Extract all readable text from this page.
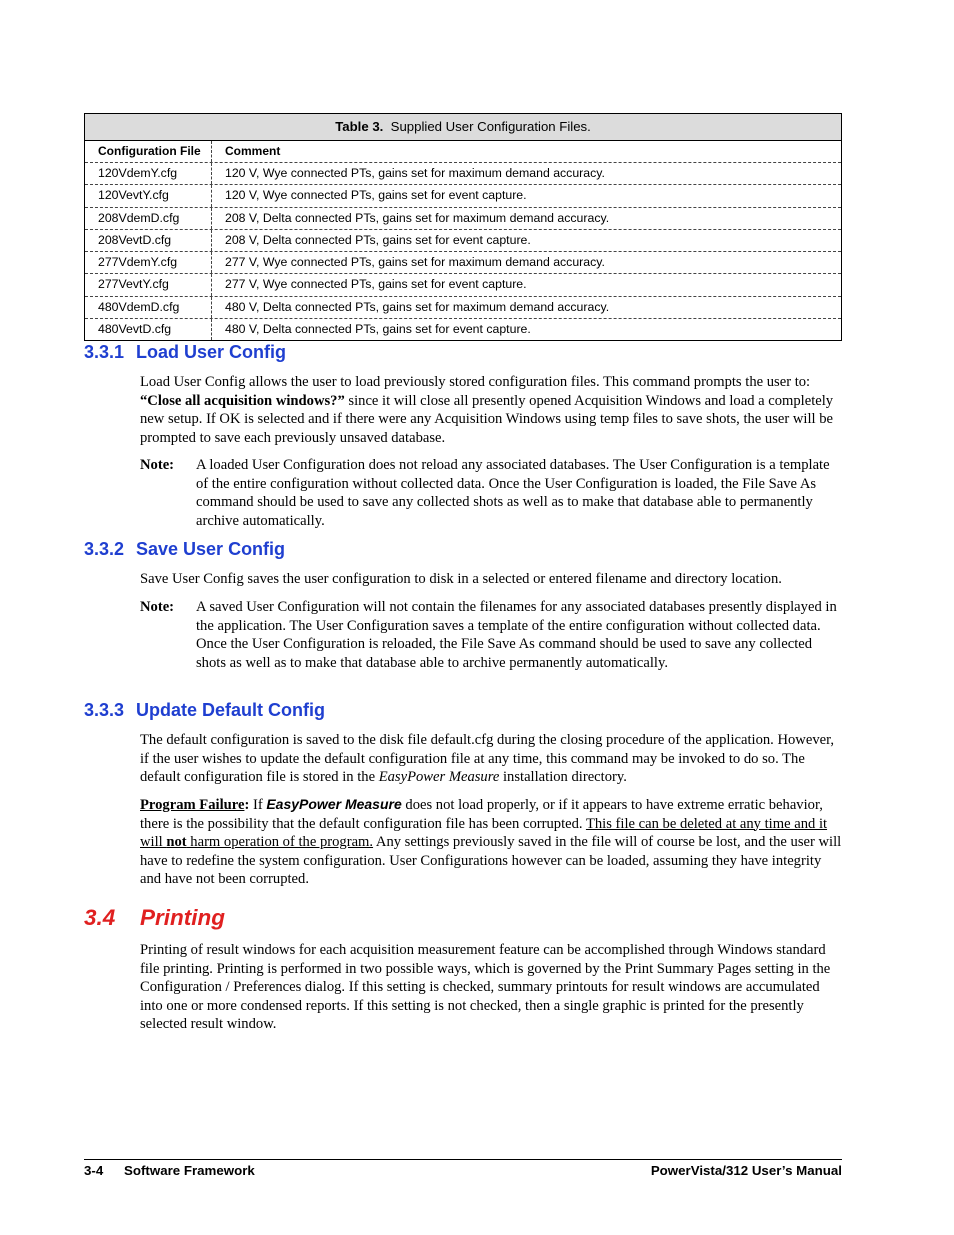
Table 3. Supplied User Configuration Files.
Configuration File	Comment
120VdemY.cfg	120 V, Wye connected PTs, gains set for maximum demand accuracy.
120VevtY.cfg	120 V, Wye connected PTs, gains set for event capture.
208VdemD.cfg	208 V, Delta connected PTs, gains set for maximum demand accuracy.
208VevtD.cfg	208 V, Delta connected PTs, gains set for event capture.
277VdemY.cfg	277 V, Wye connected PTs, gains set for maximum demand accuracy.
277VevtY.cfg	277 V, Wye connected PTs, gains set for event capture.
480VdemD.cfg	480 V, Delta connected PTs, gains set for maximum demand accuracy.
480VevtD.cfg	480 V, Delta connected PTs, gains set for event capture.
3.3.1 Load User Config

Load User Config allows the user to load previously stored configuration files. This command prompts the user to: “Close all acquisition windows?” since it will close all presently opened Acquisition Windows and load a completely new setup. If OK is selected and if there were any Acquisition Windows using temp files to save shots, the user will be prompted to save each previously unsaved database.

Note: A loaded User Configuration does not reload any associated databases. The User Configuration is a template of the entire configuration without collected data. Once the User Configuration is loaded, the File Save As command should be used to save any collected shots as well as to make that database able to permanently archive automatically.
3.3.2 Save User Config

Save User Config saves the user configuration to disk in a selected or entered filename and directory location.

Note: A saved User Configuration will not contain the filenames for any associated databases presently displayed in the application. The User Configuration saves a template of the entire configuration without collected data. Once the User Configuration is reloaded, the File Save As command should be used to save any collected shots as well as to make that database able to archive permanently automatically.
3.3.3 Update Default Config

The default configuration is saved to the disk file default.cfg during the closing procedure of the application. However, if the user wishes to update the default configuration file at any time, this command may be invoked to do so. The default configuration file is stored in the EasyPower Measure installation directory.

Program Failure: If EasyPower Measure does not load properly, or if it appears to have extreme erratic behavior, there is the possibility that the default configuration file has been corrupted. This file can be deleted at any time and it will not harm operation of the program. Any settings previously saved in the file will of course be lost, and the user will have to redefine the system configuration. User Configurations however can be loaded, assuming they have integrity and have not been corrupted.

3.4 Printing

Printing of result windows for each acquisition measurement feature can be accomplished through Windows standard file printing. Printing is performed in two possible ways, which is governed by the Print Summary Pages setting in the Configuration / Preferences dialog. If this setting is checked, summary printouts for result windows are accumulated into one or more condensed reports. If this setting is not checked, then a single graphic is printed for the presently selected result window.

3-4 Software Framework	PowerVista/312 User’s Manual
